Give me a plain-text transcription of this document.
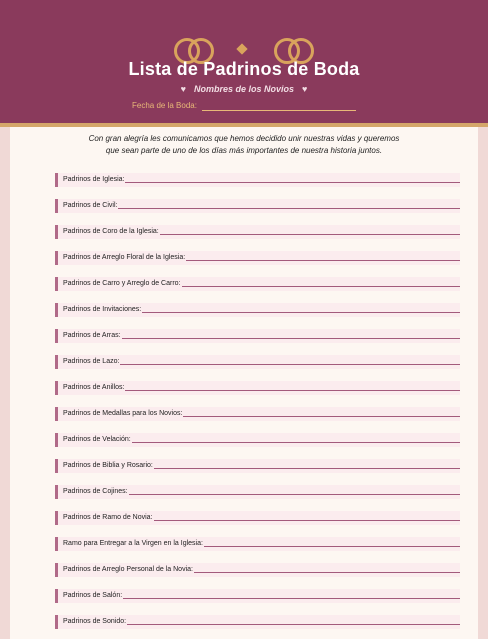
Lista de Padrinos de Boda
♥ Nombres de los Novios ♥
Fecha de la Boda:
Con gran alegría les comunicamos que hemos decidido unir nuestras vidas y queremos
que sean parte de uno de los días más importantes de nuestra historia juntos.
Padrinos de Iglesia:
Padrinos de Civil:
Padrinos de Coro de la Iglesia:
Padrinos de Arreglo Floral de la Iglesia:
Padrinos de Carro y Arreglo de Carro:
Padrinos de Invitaciones:
Padrinos de Arras:
Padrinos de Lazo:
Padrinos de Anillos:
Padrinos de Medallas para los Novios:
Padrinos de Velación:
Padrinos de Biblia y Rosario:
Padrinos de Cojines:
Padrinos de Ramo de Novia:
Ramo para Entregar a la Virgen en la Iglesia:
Padrinos de Arreglo Personal de la Novia:
Padrinos de Salón:
Padrinos de Sonido:
